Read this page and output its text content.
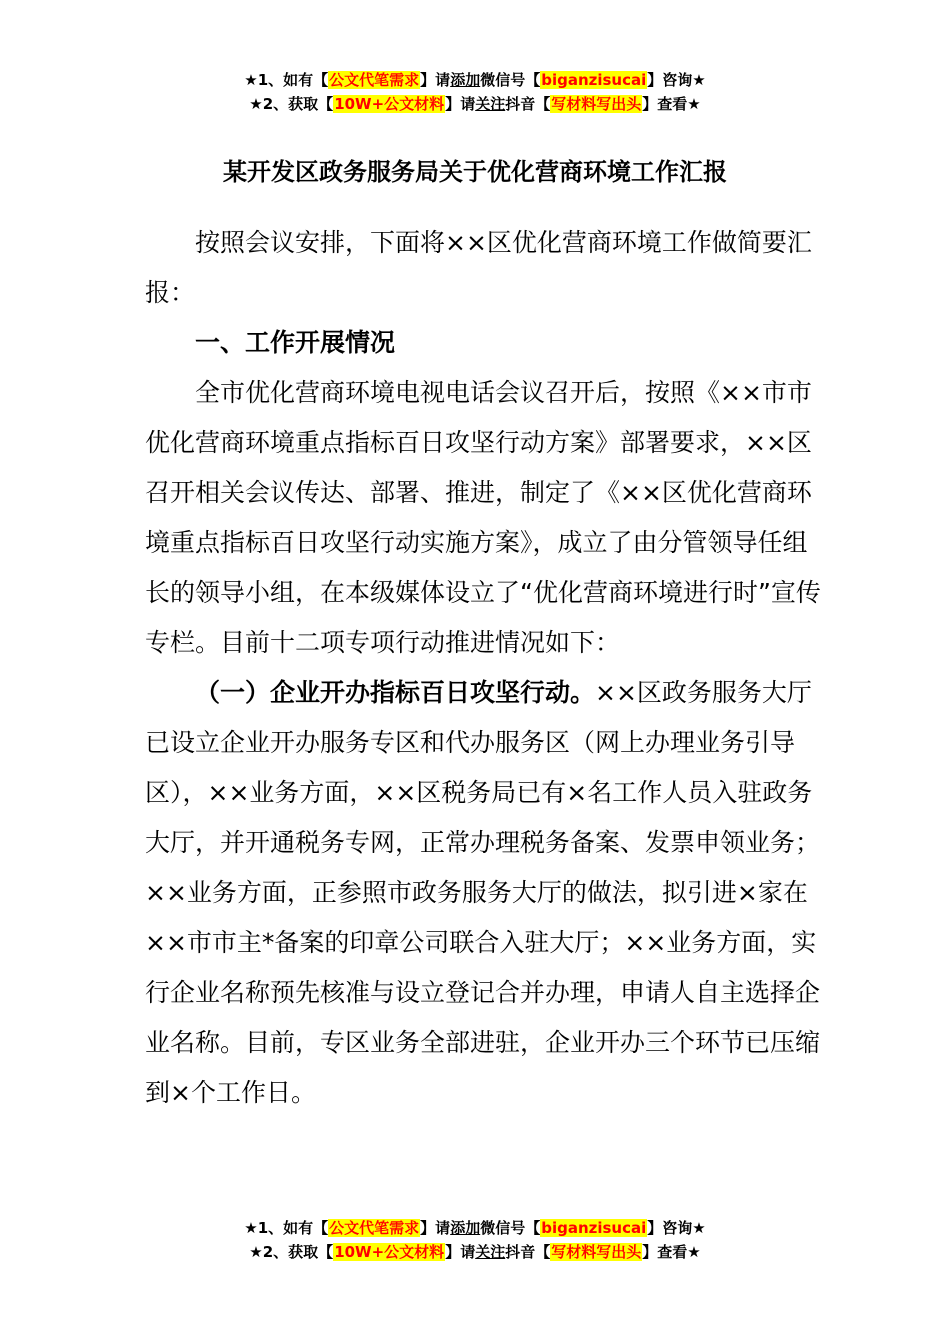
★1、如有【公文代笔需求】请添加微信号【biganzisucai】咨询★
★2、获取【10W+公文材料】请关注抖音【写材料写出头】查看★
某开发区政务服务局关于优化营商环境工作汇报

按照会议安排，下面将××区优化营商环境工作做简要汇报：

一、工作开展情况

全市优化营商环境电视电话会议召开后，按照《××市市优化营商环境重点指标百日攻坚行动方案》部署要求，××区召开相关会议传达、部署、推进，制定了《××区优化营商环境重点指标百日攻坚行动实施方案》，成立了由分管领导任组长的领导小组，在本级媒体设立了“优化营商环境进行时”宣传专栏。目前十二项专项行动推进情况如下：

（一）企业开办指标百日攻坚行动。××区政务服务大厅已设立企业开办服务专区和代办服务区（网上办理业务引导区），××业务方面，××区税务局已有×名工作人员入驻政务大厅，并开通税务专网，正常办理税务备案、发票申领业务；××业务方面，正参照市政务服务大厅的做法，拟引进×家在××市市主*备案的印章公司联合入驻大厅；××业务方面，实行企业名称预先核准与设立登记合并办理，申请人自主选择企业名称。目前，专区业务全部进驻，企业开办三个环节已压缩到×个工作日。

★1、如有【公文代笔需求】请添加微信号【biganzisucai】咨询★
★2、获取【10W+公文材料】请关注抖音【写材料写出头】查看★
